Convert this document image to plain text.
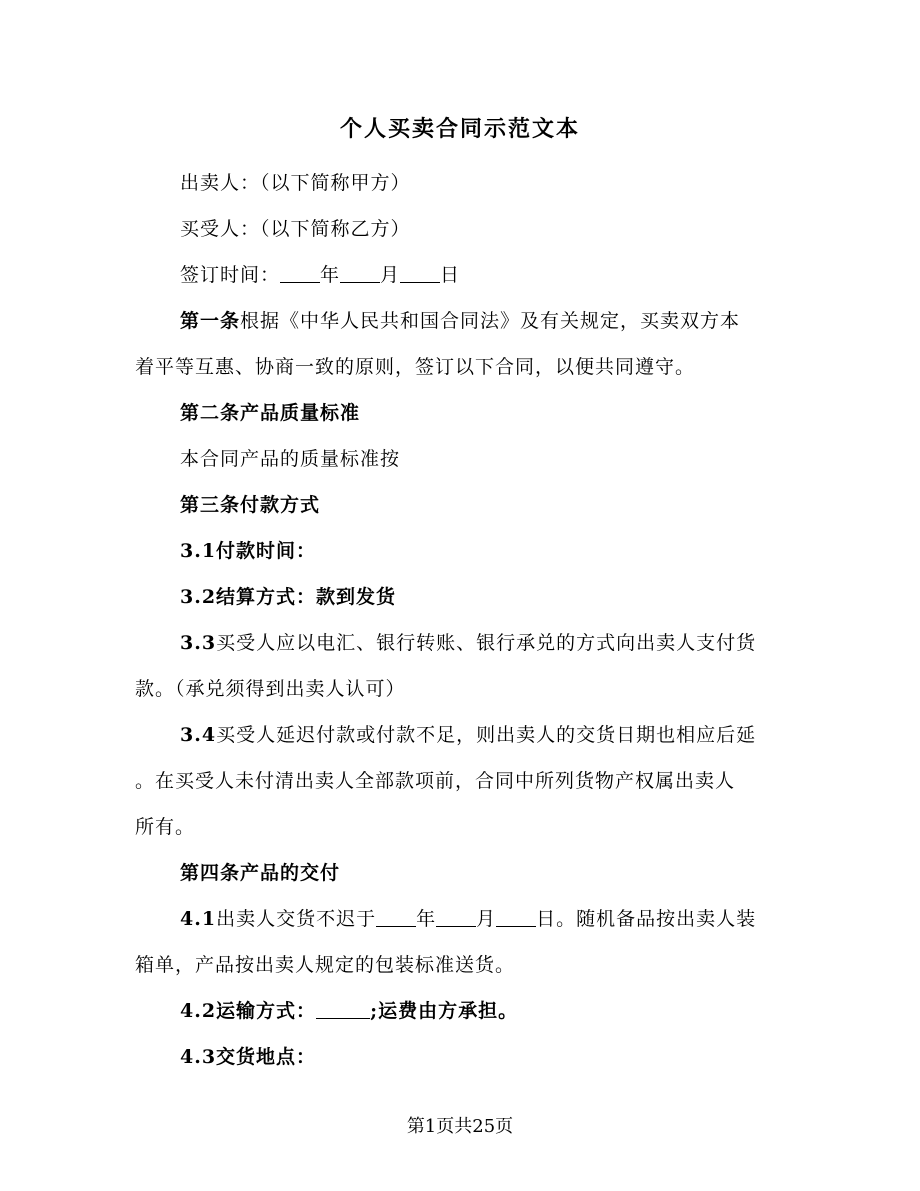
个人买卖合同示范文本
出卖人：（以下简称甲方）
买受人：（以下简称乙方）
签订时间： 年 月 日
第一条根据《中华人民共和国合同法》及有关规定，买卖双方本
着平等互惠、协商一致的原则，签订以下合同，以便共同遵守。
第二条产品质量标准
本合同产品的质量标准按
第三条付款方式
3.1付款时间：
3.2结算方式：款到发货
3.3买受人应以电汇、银行转账、银行承兑的方式向出卖人支付货
款。（承兑须得到出卖人认可）
3.4买受人延迟付款或付款不足，则出卖人的交货日期也相应后延
。在买受人未付清出卖人全部款项前，合同中所列货物产权属出卖人
所有。
第四条产品的交付
4.1出卖人交货不迟于 年 月 日。随机备品按出卖人装
箱单，产品按出卖人规定的包装标准送货。
4.2运输方式：	;运费由方承担。
4.3交货地点：
第1页共25页
